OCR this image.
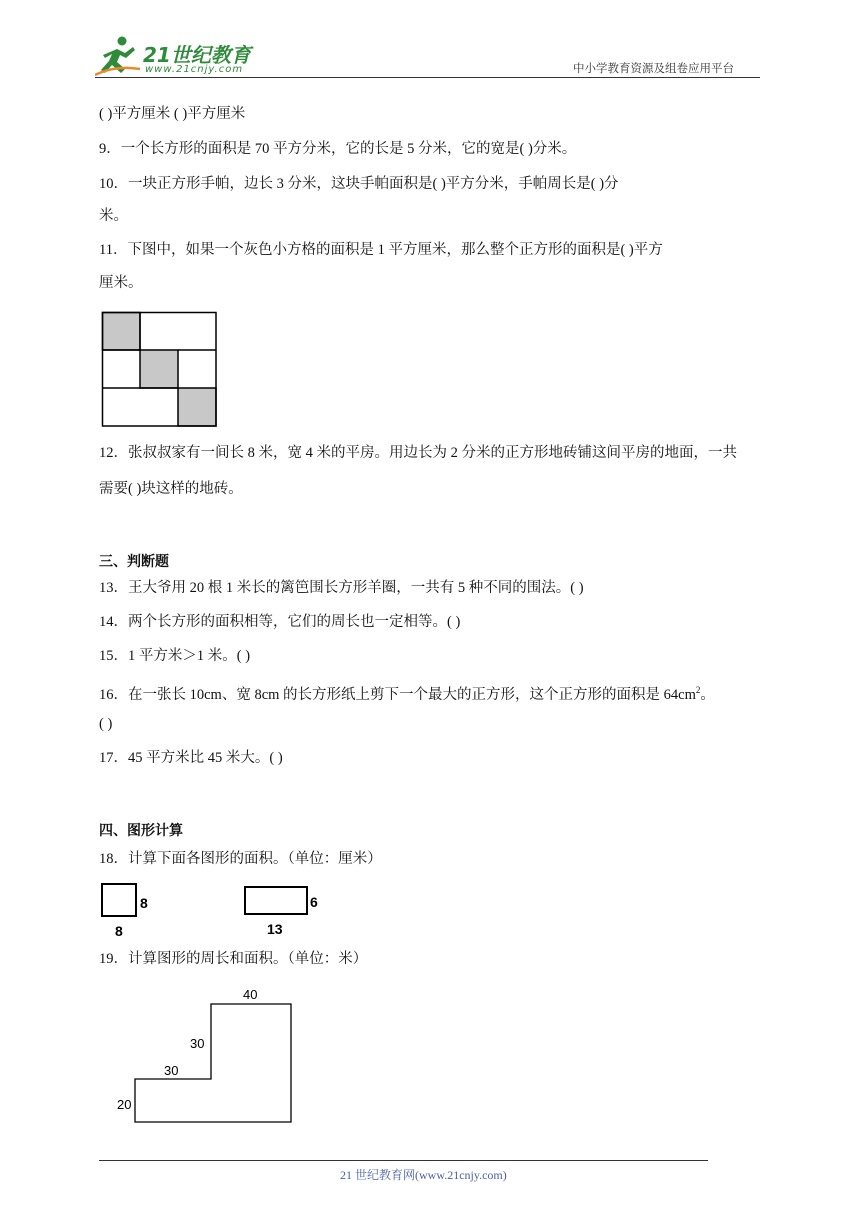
21世纪教育
www.21cnjy.com	中小学教育资源及组卷应用平台
( )平方厘米 ( )平方厘米
9．一个长方形的面积是 70 平方分米，它的长是 5 分米，它的宽是( )分米。
10．一块正方形手帕，边长 3 分米，这块手帕面积是( )平方分米，手帕周长是( )分
米。
11．下图中，如果一个灰色小方格的面积是 1 平方厘米，那么整个正方形的面积是( )平方
厘米。
12．张叔叔家有一间长 8 米，宽 4 米的平房。用边长为 2 分米的正方形地砖铺这间平房的地面，一共
需要( )块这样的地砖。
三、判断题
13．王大爷用 20 根 1 米长的篱笆围长方形羊圈，一共有 5 种不同的围法。( )
14．两个长方形的面积相等，它们的周长也一定相等。( )
15．1 平方米＞1 米。( )
16．在一张长 10cm、宽 8cm 的长方形纸上剪下一个最大的正方形，这个正方形的面积是 $64cm^2$。
( )
17．45 平方米比 45 米大。( )
四、图形计算
18．计算下面各图形的面积。（单位：厘米）
8
8
6
13
19．计算图形的周长和面积。（单位：米）
40
30
30
20
21 世纪教育网(www.21cnjy.com)
